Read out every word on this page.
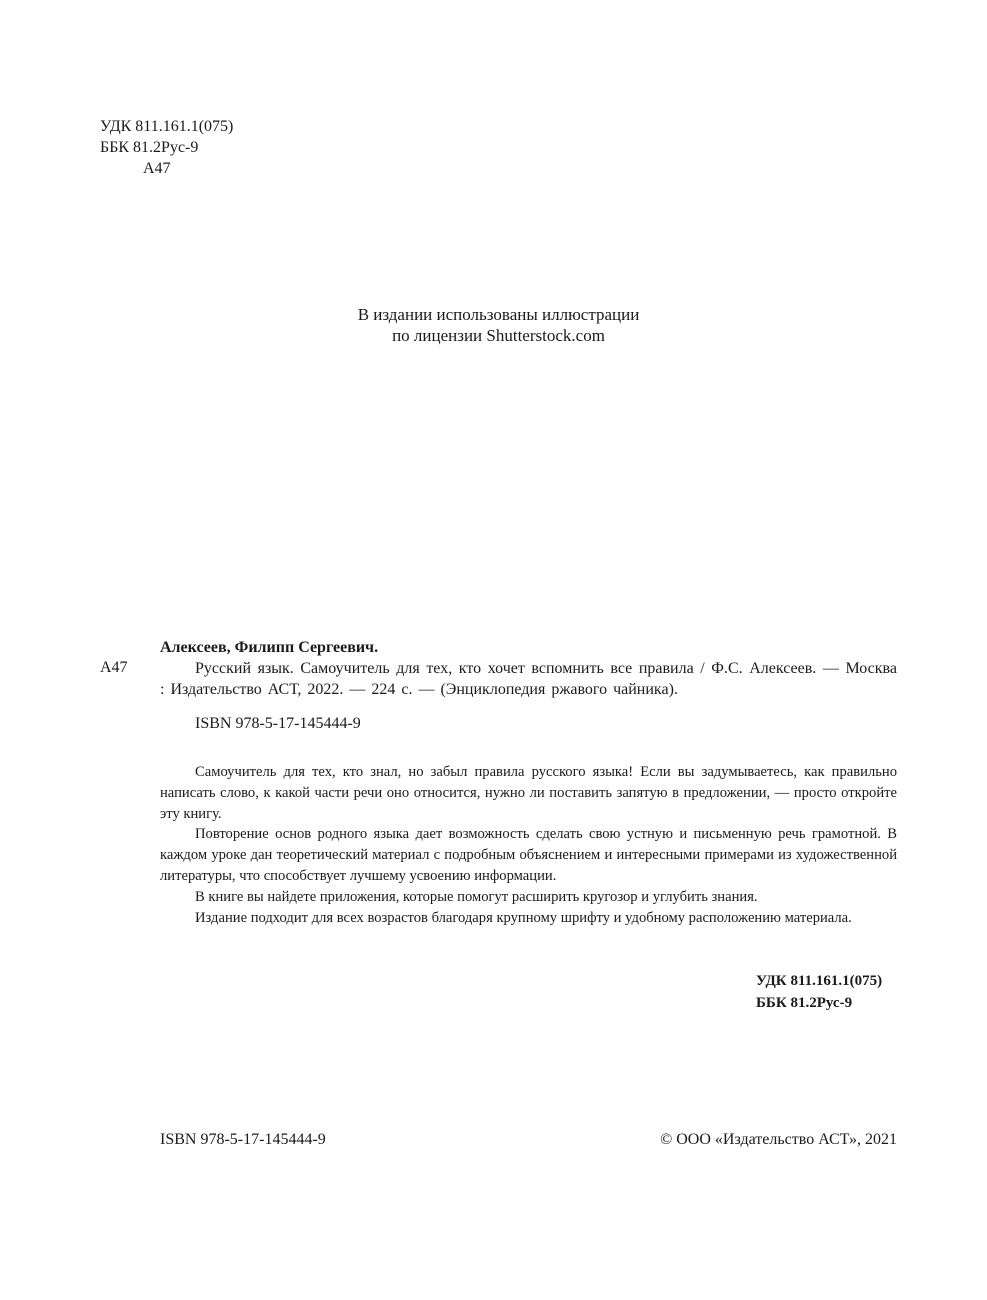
УДК 811.161.1(075)
ББК 81.2Рус-9
А47
В издании использованы иллюстрации
по лицензии Shutterstock.com
А47
Алексеев, Филипп Сергеевич.
Русский язык. Самоучитель для тех, кто хочет вспомнить все правила / Ф.С. Алексеев. — Москва : Издательство АСТ, 2022. — 224 с. — (Энциклопедия ржавого чайника).
ISBN 978-5-17-145444-9

Самоучитель для тех, кто знал, но забыл правила русского языка! Если вы задумываетесь, как правильно написать слово, к какой части речи оно относится, нужно ли поставить запятую в предложении, — просто откройте эту книгу.

Повторение основ родного языка дает возможность сделать свою устную и письменную речь грамотной. В каждом уроке дан теоретический материал с подробным объяснением и интересными примерами из художественной литературы, что способствует лучшему усвоению информации.

В книге вы найдете приложения, которые помогут расширить кругозор и углубить знания.

Издание подходит для всех возрастов благодаря крупному шрифту и удобному расположению материала.

УДК 811.161.1(075)
ББК 81.2Рус-9
ISBN 978-5-17-145444-9	© ООО «Издательство АСТ», 2021
